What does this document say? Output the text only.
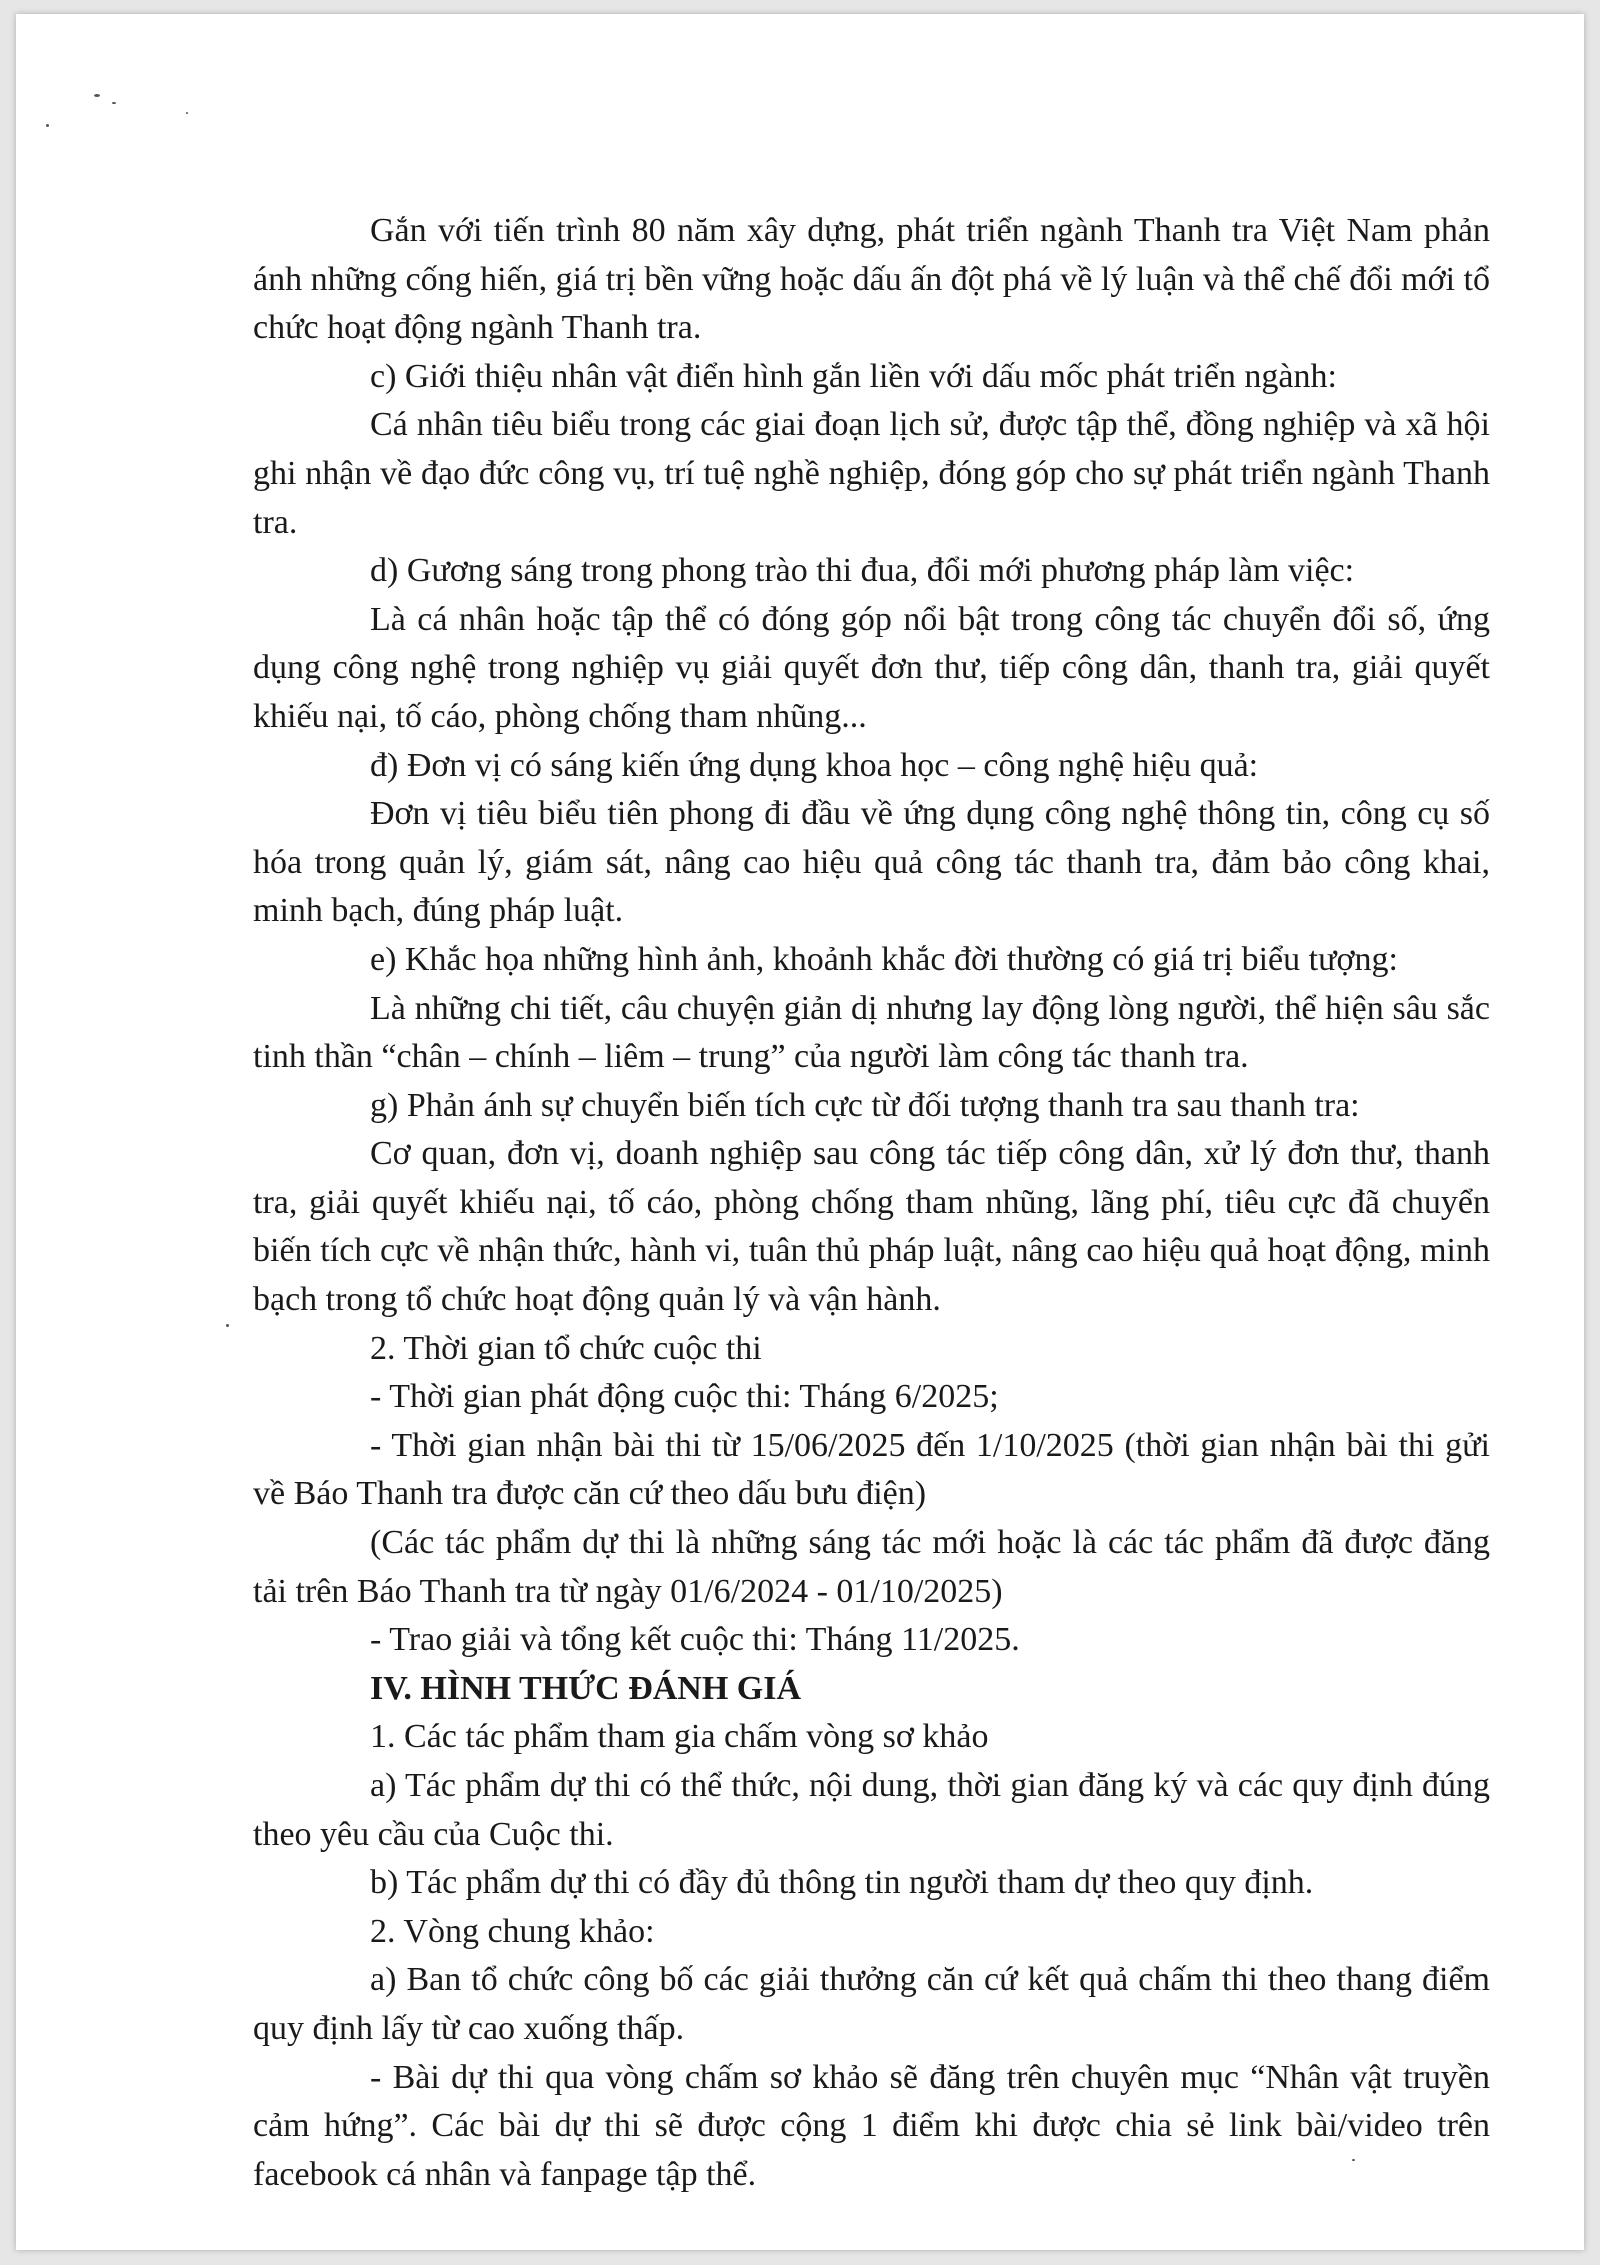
Gắn với tiến trình 80 năm xây dựng, phát triển ngành Thanh tra Việt Nam phản ánh những cống hiến, giá trị bền vững hoặc dấu ấn đột phá về lý luận và thể chế đổi mới tổ chức hoạt động ngành Thanh tra.

c) Giới thiệu nhân vật điển hình gắn liền với dấu mốc phát triển ngành:

Cá nhân tiêu biểu trong các giai đoạn lịch sử, được tập thể, đồng nghiệp và xã hội ghi nhận về đạo đức công vụ, trí tuệ nghề nghiệp, đóng góp cho sự phát triển ngành Thanh tra.

d) Gương sáng trong phong trào thi đua, đổi mới phương pháp làm việc:

Là cá nhân hoặc tập thể có đóng góp nổi bật trong công tác chuyển đổi số, ứng dụng công nghệ trong nghiệp vụ giải quyết đơn thư, tiếp công dân, thanh tra, giải quyết khiếu nại, tố cáo, phòng chống tham nhũng...

đ) Đơn vị có sáng kiến ứng dụng khoa học – công nghệ hiệu quả:

Đơn vị tiêu biểu tiên phong đi đầu về ứng dụng công nghệ thông tin, công cụ số hóa trong quản lý, giám sát, nâng cao hiệu quả công tác thanh tra, đảm bảo công khai, minh bạch, đúng pháp luật.

e) Khắc họa những hình ảnh, khoảnh khắc đời thường có giá trị biểu tượng:

Là những chi tiết, câu chuyện giản dị nhưng lay động lòng người, thể hiện sâu sắc tinh thần “chân – chính – liêm – trung” của người làm công tác thanh tra.

g) Phản ánh sự chuyển biến tích cực từ đối tượng thanh tra sau thanh tra:

Cơ quan, đơn vị, doanh nghiệp sau công tác tiếp công dân, xử lý đơn thư, thanh tra, giải quyết khiếu nại, tố cáo, phòng chống tham nhũng, lãng phí, tiêu cực đã chuyển biến tích cực về nhận thức, hành vi, tuân thủ pháp luật, nâng cao hiệu quả hoạt động, minh bạch trong tổ chức hoạt động quản lý và vận hành.

2. Thời gian tổ chức cuộc thi

- Thời gian phát động cuộc thi: Tháng 6/2025;

- Thời gian nhận bài thi từ 15/06/2025 đến 1/10/2025 (thời gian nhận bài thi gửi về Báo Thanh tra được căn cứ theo dấu bưu điện)

(Các tác phẩm dự thi là những sáng tác mới hoặc là các tác phẩm đã được đăng tải trên Báo Thanh tra từ ngày 01/6/2024 - 01/10/2025)

- Trao giải và tổng kết cuộc thi: Tháng 11/2025.

IV. HÌNH THỨC ĐÁNH GIÁ

1. Các tác phẩm tham gia chấm vòng sơ khảo

a) Tác phẩm dự thi có thể thức, nội dung, thời gian đăng ký và các quy định đúng theo yêu cầu của Cuộc thi.

b) Tác phẩm dự thi có đầy đủ thông tin người tham dự theo quy định.

2. Vòng chung khảo:

a) Ban tổ chức công bố các giải thưởng căn cứ kết quả chấm thi theo thang điểm quy định lấy từ cao xuống thấp.

- Bài dự thi qua vòng chấm sơ khảo sẽ đăng trên chuyên mục “Nhân vật truyền cảm hứng”. Các bài dự thi sẽ được cộng 1 điểm khi được chia sẻ link bài/video trên facebook cá nhân và fanpage tập thể.
